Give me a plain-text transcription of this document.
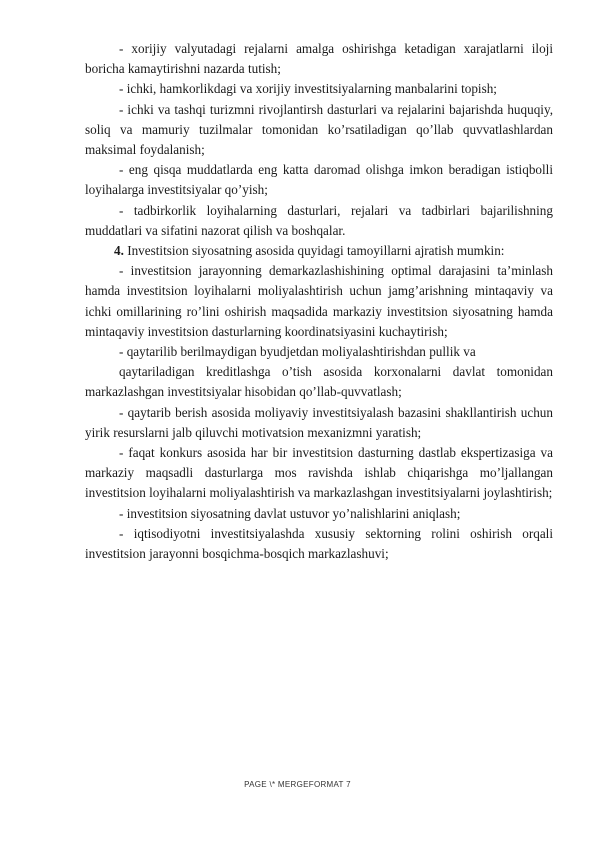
- xorijiy valyutadagi rejalarni amalga oshirishga ketadigan xarajatlarni iloji boricha kamaytirishni nazarda tutish;

- ichki, hamkorlikdagi va xorijiy investitsiyalarning manbalarini topish;

- ichki va tashqi turizmni rivojlantirsh dasturlari va rejalarini bajarishda huquqiy, soliq va mamuriy tuzilmalar tomonidan ko’rsatiladigan qo’llab quvvatlashlardan maksimal foydalanish;

- eng qisqa muddatlarda eng katta daromad olishga imkon beradigan istiqbolli loyihalarga investitsiyalar qo’yish;

- tadbirkorlik loyihalarning dasturlari, rejalari va tadbirlari bajarilishning muddatlari va sifatini nazorat qilish va boshqalar.

4. Investitsion siyosatning asosida quyidagi tamoyillarni ajratish mumkin:

- investitsion jarayonning demarkazlashishining optimal darajasini ta’minlash hamda investitsion loyihalarni moliyalashtirish uchun jamg’arishning mintaqaviy va ichki omillarining ro’lini oshirish maqsadida markaziy investitsion siyosatning hamda mintaqaviy investitsion dasturlarning koordinatsiyasini kuchaytirish;

- qaytarilib berilmaydigan byudjetdan moliyalashtirishdan pullik va

qaytariladigan kreditlashga o’tish asosida korxonalarni davlat tomonidan markazlashgan investitsiyalar hisobidan qo’llab-quvvatlash;

- qaytarib berish asosida moliyaviy investitsiyalash bazasini shakllantirish uchun yirik resurslarni jalb qiluvchi motivatsion mexanizmni yaratish;

- faqat konkurs asosida har bir investitsion dasturning dastlab ekspertizasiga va markaziy maqsadli dasturlarga mos ravishda ishlab chiqarishga mo’ljallangan investitsion loyihalarni moliyalashtirish va markazlashgan investitsiyalarni joylashtirish;

- investitsion siyosatning davlat ustuvor yo’nalishlarini aniqlash;

- iqtisodiyotni investitsiyalashda xususiy sektorning rolini oshirish orqali investitsion jarayonni bosqichma-bosqich markazlashuvi;

PAGE \* MERGEFORMAT 7
